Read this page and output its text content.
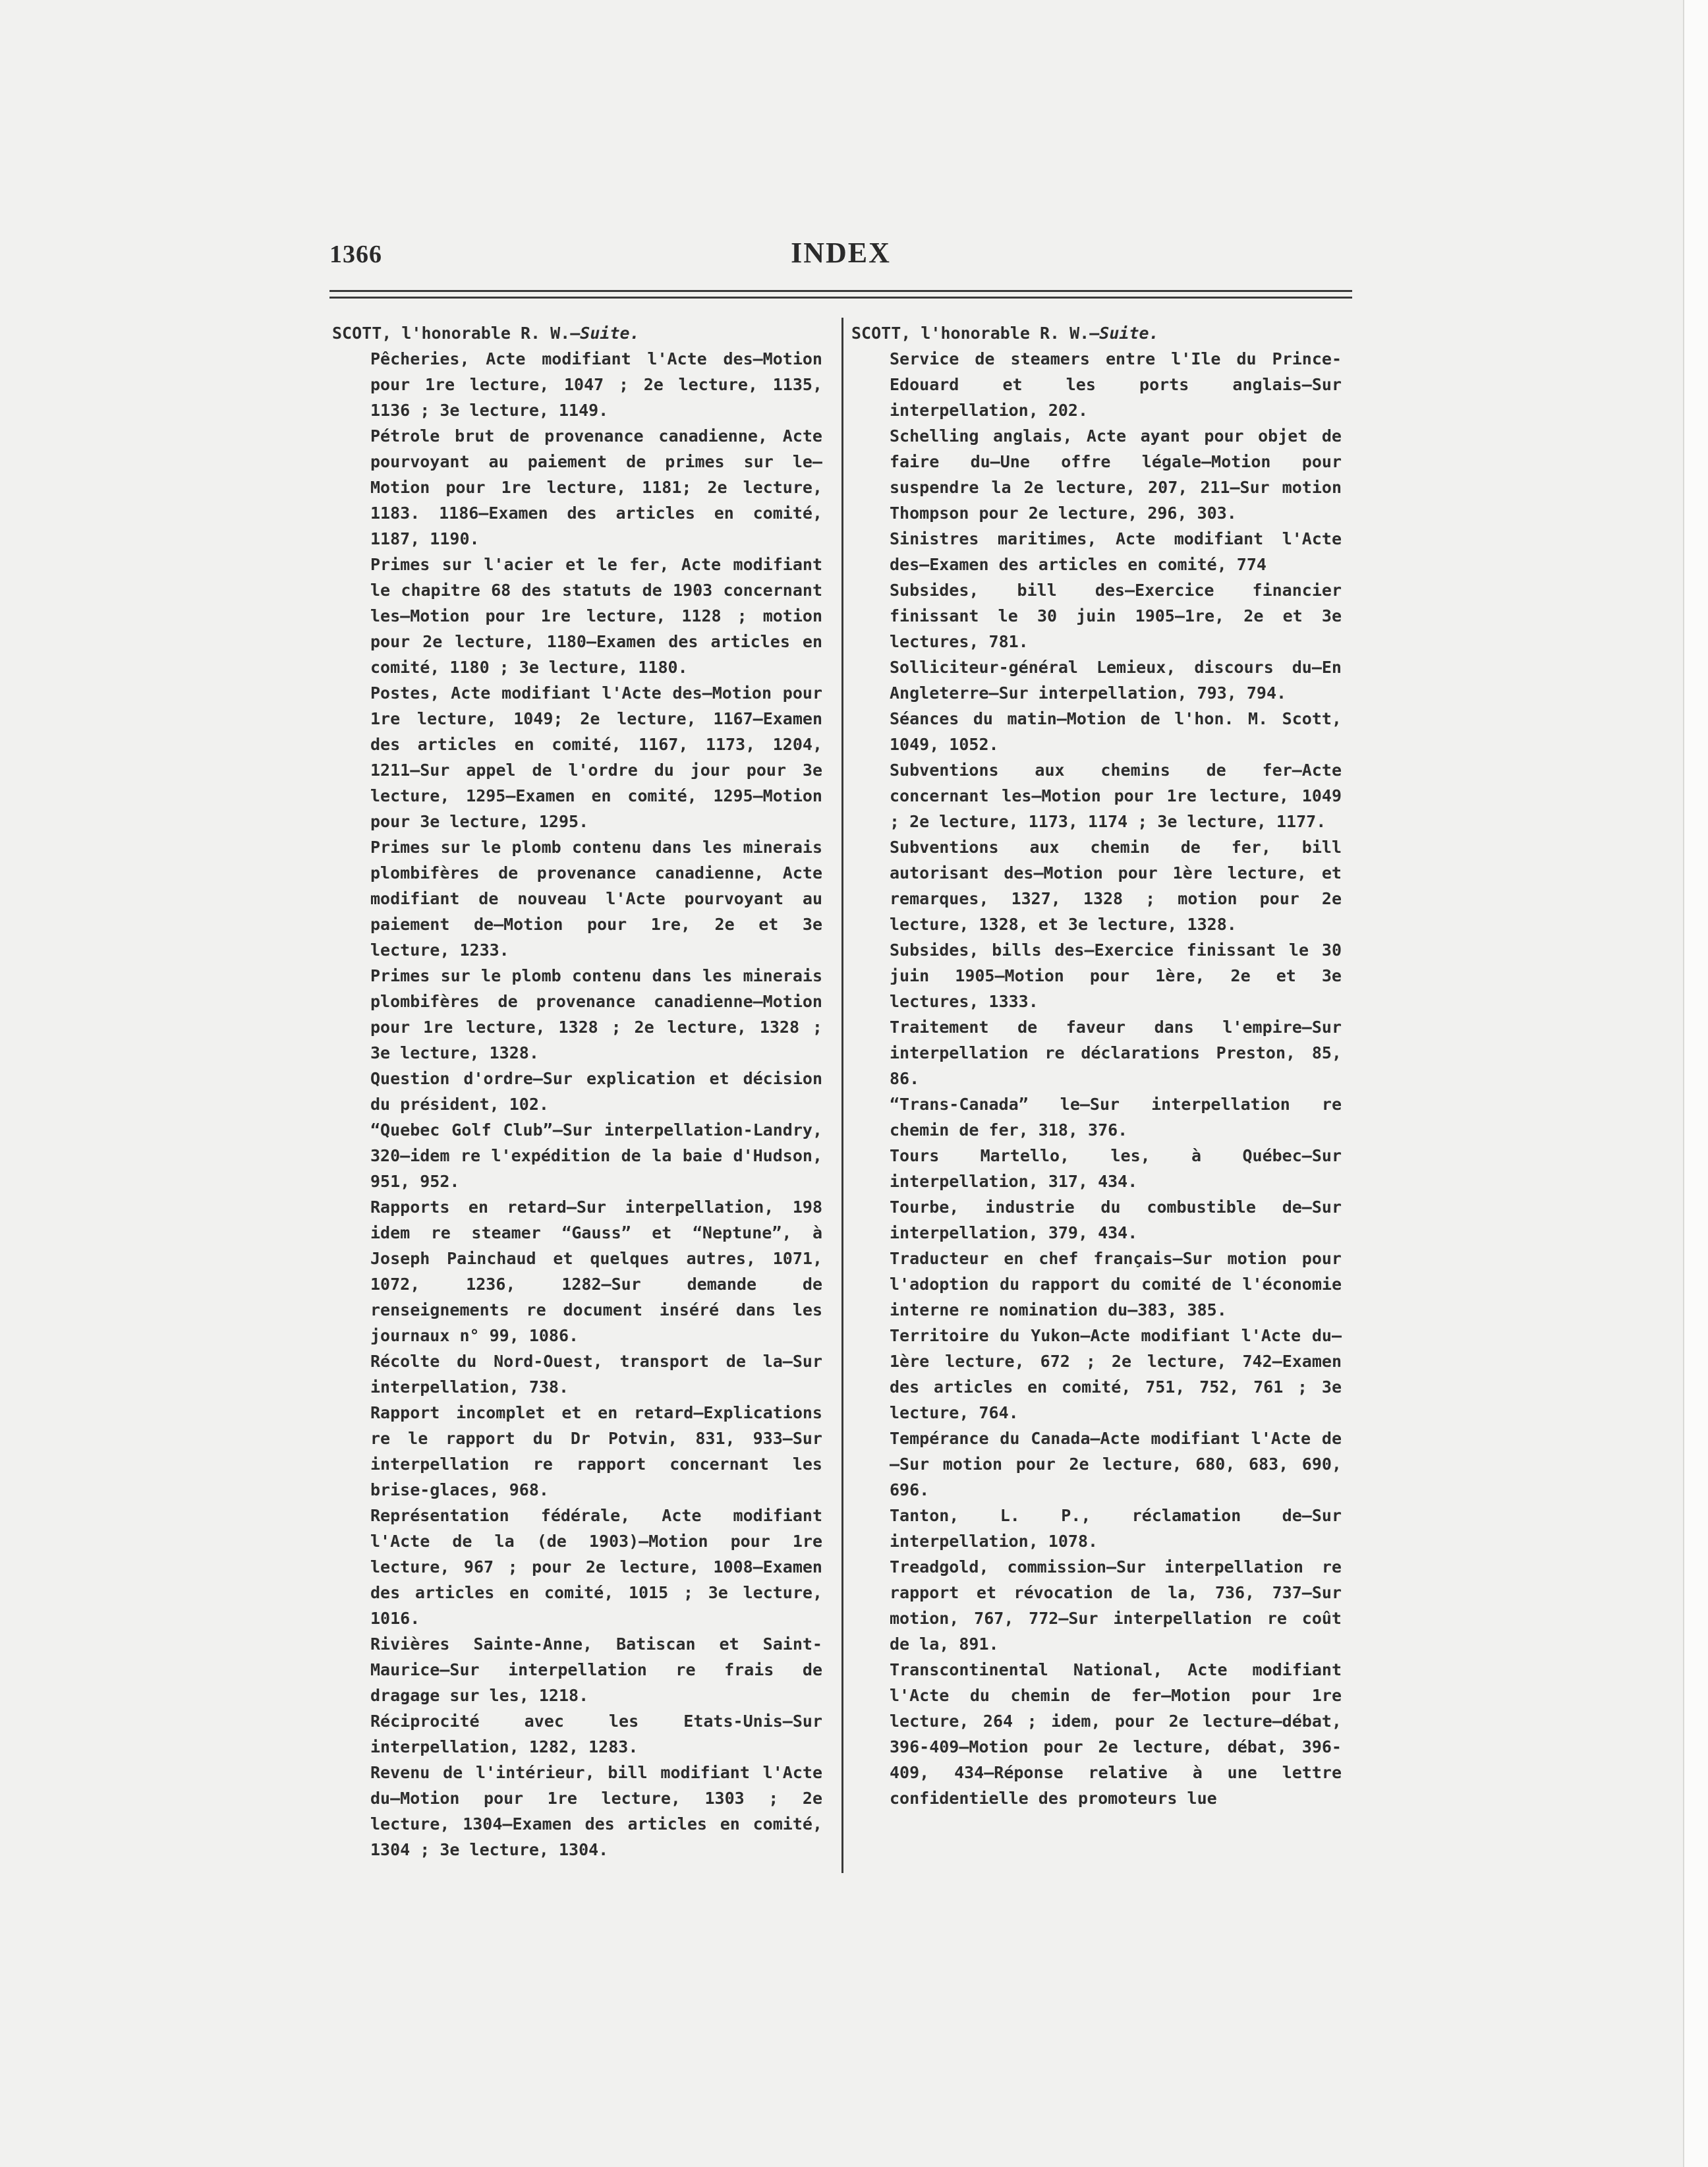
1366	INDEX

SCOTT, l'honorable R. W.—Suite.

Pêcheries, Acte modifiant l'Acte des—Motion pour 1re lecture, 1047 ; 2e lecture, 1135, 1136 ; 3e lecture, 1149.

Pétrole brut de provenance canadienne, Acte pourvoyant au paiement de primes sur le—Motion pour 1re lecture, 1181; 2e lecture, 1183. 1186—Examen des articles en comité, 1187, 1190.

Primes sur l'acier et le fer, Acte modifiant le chapitre 68 des statuts de 1903 concernant les—Motion pour 1re lecture, 1128 ; motion pour 2e lecture, 1180—Examen des articles en comité, 1180 ; 3e lecture, 1180.

Postes, Acte modifiant l'Acte des—Motion pour 1re lecture, 1049; 2e lecture, 1167—Examen des articles en comité, 1167, 1173, 1204, 1211—Sur appel de l'ordre du jour pour 3e lecture, 1295—Examen en comité, 1295—Motion pour 3e lecture, 1295.

Primes sur le plomb contenu dans les minerais plombifères de provenance canadienne, Acte modifiant de nouveau l'Acte pourvoyant au paiement de—Motion pour 1re, 2e et 3e lecture, 1233.

Primes sur le plomb contenu dans les minerais plombifères de provenance canadienne—Motion pour 1re lecture, 1328 ; 2e lecture, 1328 ; 3e lecture, 1328.

Question d'ordre—Sur explication et décision du président, 102.

“Quebec Golf Club”—Sur interpellation-Landry, 320—idem re l'expédition de la baie d'Hudson, 951, 952.

Rapports en retard—Sur interpellation, 198 idem re steamer “Gauss” et “Neptune”, à Joseph Painchaud et quelques autres, 1071, 1072, 1236, 1282—Sur demande de renseignements re document inséré dans les journaux n° 99, 1086.

Récolte du Nord-Ouest, transport de la—Sur interpellation, 738.

Rapport incomplet et en retard—Explications re le rapport du Dr Potvin, 831, 933—Sur interpellation re rapport concernant les brise-glaces, 968.

Représentation fédérale, Acte modifiant l'Acte de la (de 1903)—Motion pour 1re lecture, 967 ; pour 2e lecture, 1008—Examen des articles en comité, 1015 ; 3e lecture, 1016.

Rivières Sainte-Anne, Batiscan et Saint-Maurice—Sur interpellation re frais de dragage sur les, 1218.

Réciprocité avec les Etats-Unis—Sur interpellation, 1282, 1283.

Revenu de l'intérieur, bill modifiant l'Acte du—Motion pour 1re lecture, 1303 ; 2e lecture, 1304—Examen des articles en comité, 1304 ; 3e lecture, 1304.

SCOTT, l'honorable R. W.—Suite.

Service de steamers entre l'Ile du Prince-Edouard et les ports anglais—Sur interpellation, 202.

Schelling anglais, Acte ayant pour objet de faire du—Une offre légale—Motion pour suspendre la 2e lecture, 207, 211—Sur motion Thompson pour 2e lecture, 296, 303.

Sinistres maritimes, Acte modifiant l'Acte des—Examen des articles en comité, 774

Subsides, bill des—Exercice financier finissant le 30 juin 1905—1re, 2e et 3e lectures, 781.

Solliciteur-général Lemieux, discours du—En Angleterre—Sur interpellation, 793, 794.

Séances du matin—Motion de l'hon. M. Scott, 1049, 1052.

Subventions aux chemins de fer—Acte concernant les—Motion pour 1re lecture, 1049 ; 2e lecture, 1173, 1174 ; 3e lecture, 1177.

Subventions aux chemin de fer, bill autorisant des—Motion pour 1ère lecture, et remarques, 1327, 1328 ; motion pour 2e lecture, 1328, et 3e lecture, 1328.

Subsides, bills des—Exercice finissant le 30 juin 1905—Motion pour 1ère, 2e et 3e lectures, 1333.

Traitement de faveur dans l'empire—Sur interpellation re déclarations Preston, 85, 86.

“Trans-Canada” le—Sur interpellation re chemin de fer, 318, 376.

Tours Martello, les, à Québec—Sur interpellation, 317, 434.

Tourbe, industrie du combustible de—Sur interpellation, 379, 434.

Traducteur en chef français—Sur motion pour l'adoption du rapport du comité de l'économie interne re nomination du—383, 385.

Territoire du Yukon—Acte modifiant l'Acte du—1ère lecture, 672 ; 2e lecture, 742—Examen des articles en comité, 751, 752, 761 ; 3e lecture, 764.

Tempérance du Canada—Acte modifiant l'Acte de—Sur motion pour 2e lecture, 680, 683, 690, 696.

Tanton, L. P., réclamation de—Sur interpellation, 1078.

Treadgold, commission—Sur interpellation re rapport et révocation de la, 736, 737—Sur motion, 767, 772—Sur interpellation re coût de la, 891.

Transcontinental National, Acte modifiant l'Acte du chemin de fer—Motion pour 1re lecture, 264 ; idem, pour 2e lecture—débat, 396-409—Motion pour 2e lecture, débat, 396-409, 434—Réponse relative à une lettre confidentielle des promoteurs lue
